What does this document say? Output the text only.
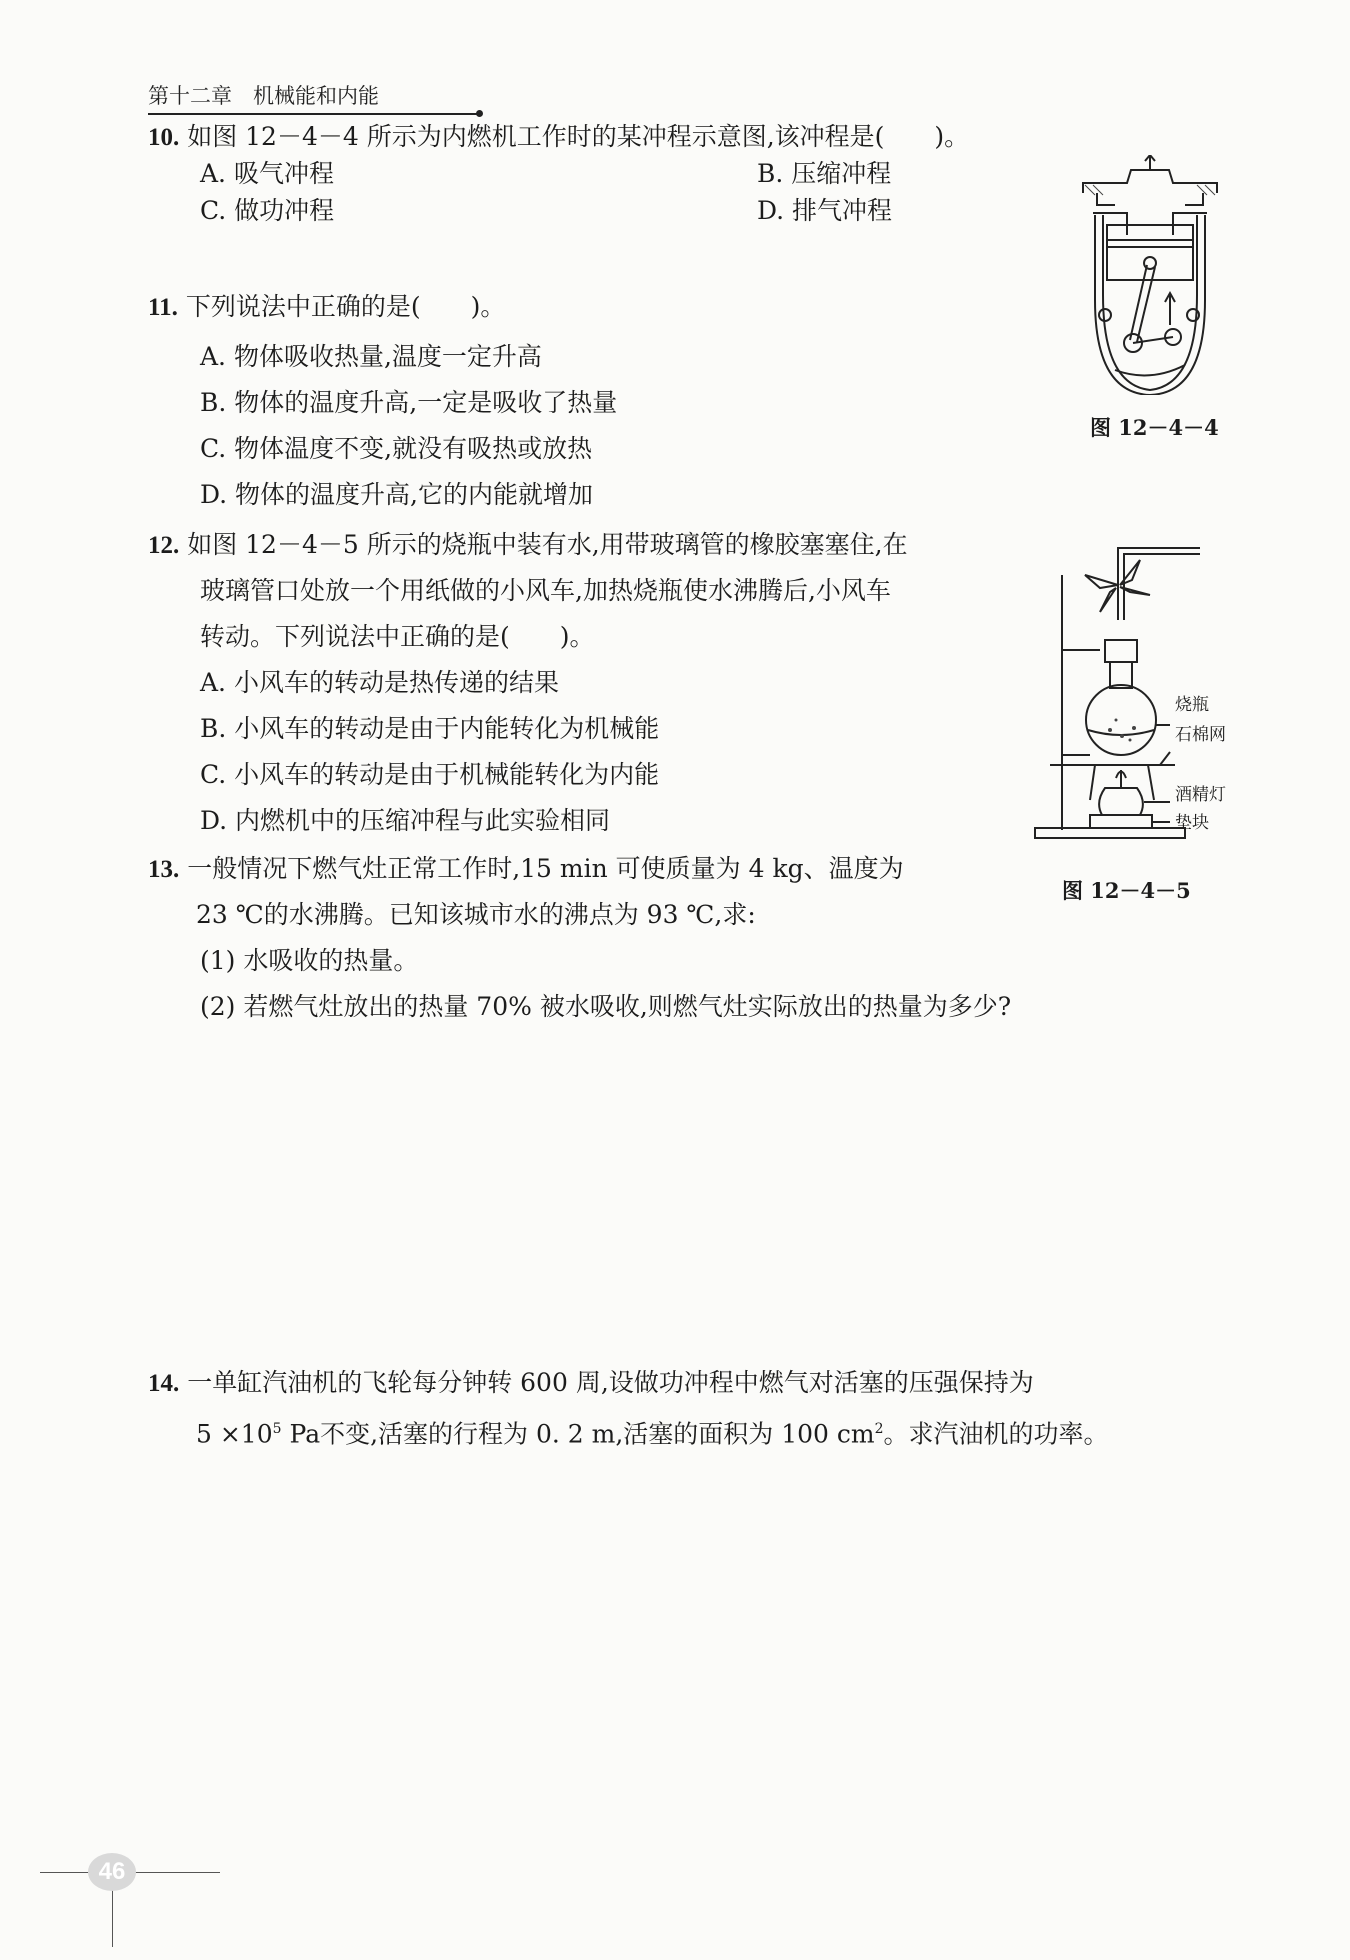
第十二章　机械能和内能
10. 如图 12－4－4 所示为内燃机工作时的某冲程示意图,该冲程是(　　)。
A. 吸气冲程	B. 压缩冲程
C. 做功冲程	D. 排气冲程
图 12－4－4
11. 下列说法中正确的是(　　)。
A. 物体吸收热量,温度一定升高
B. 物体的温度升高,一定是吸收了热量
C. 物体温度不变,就没有吸热或放热
D. 物体的温度升高,它的内能就增加
12. 如图 12－4－5 所示的烧瓶中装有水,用带玻璃管的橡胶塞塞住,在
玻璃管口处放一个用纸做的小风车,加热烧瓶使水沸腾后,小风车
转动。下列说法中正确的是(　　)。
A. 小风车的转动是热传递的结果
B. 小风车的转动是由于内能转化为机械能
C. 小风车的转动是由于机械能转化为内能
D. 内燃机中的压缩冲程与此实验相同
烧瓶
石棉网
酒精灯
垫块
图 12－4－5
13. 一般情况下燃气灶正常工作时,15 min 可使质量为 4 kg、温度为
23 ℃的水沸腾。已知该城市水的沸点为 93 ℃,求:
(1) 水吸收的热量。
(2) 若燃气灶放出的热量 70% 被水吸收,则燃气灶实际放出的热量为多少?
14. 一单缸汽油机的飞轮每分钟转 600 周,设做功冲程中燃气对活塞的压强保持为
$5 \times 10^5$ Pa不变,活塞的行程为 0. 2 m,活塞的面积为 100 $cm^2$。求汽油机的功率。
46
